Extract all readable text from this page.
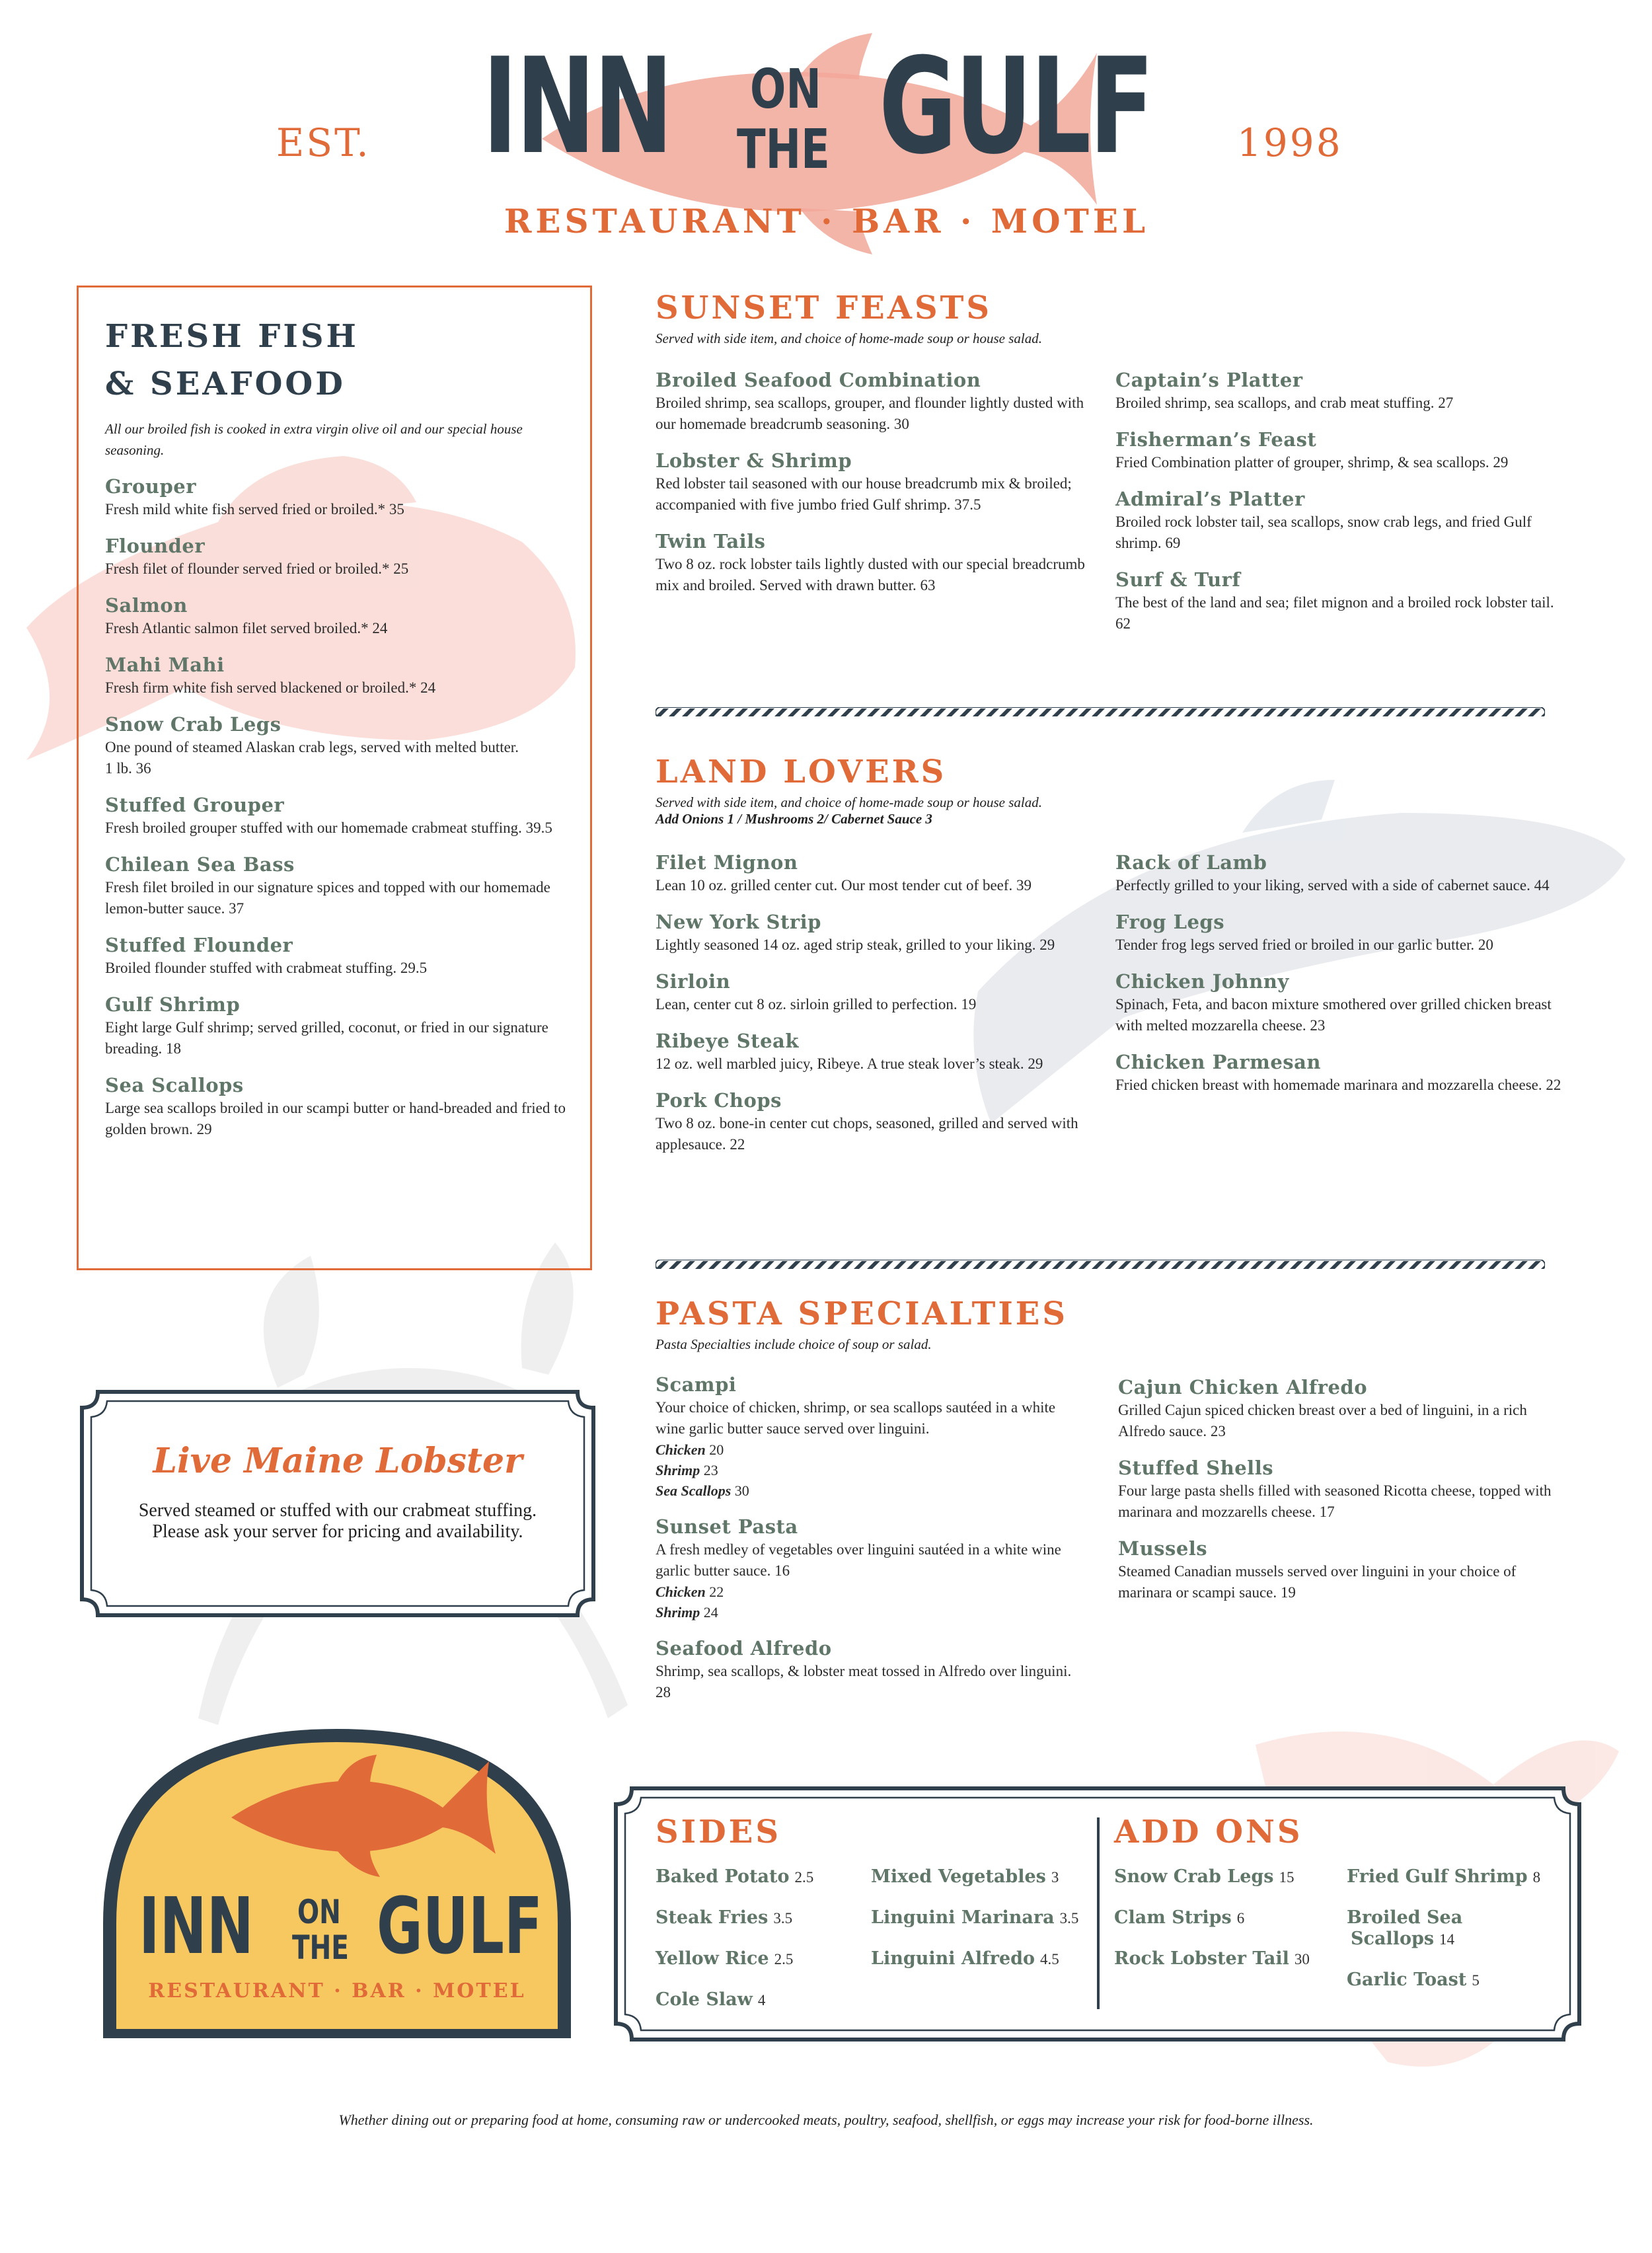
EST.	1998
INN ON
THE GULF
RESTAURANT · BAR · MOTEL
FRESH FISH
& SEAFOOD

All our broiled fish is cooked in extra virgin olive oil and our special house seasoning.

Grouper

Fresh mild white fish served fried or broiled.* 35

Flounder

Fresh filet of flounder served fried or broiled.* 25

Salmon

Fresh Atlantic salmon filet served broiled.* 24

Mahi Mahi

Fresh firm white fish served blackened or broiled.* 24

Snow Crab Legs

One pound of steamed Alaskan crab legs, served with melted butter.

1 lb. 36

Stuffed Grouper

Fresh broiled grouper stuffed with our homemade crabmeat stuffing. 39.5

Chilean Sea Bass

Fresh filet broiled in our signature spices and topped with our homemade lemon-butter sauce. 37

Stuffed Flounder

Broiled flounder stuffed with crabmeat stuffing. 29.5

Gulf Shrimp

Eight large Gulf shrimp; served grilled, coconut, or fried in our signature breading. 18

Sea Scallops

Large sea scallops broiled in our scampi butter or hand-breaded and fried to golden brown. 29

Live Maine Lobster
Served steamed or stuffed with our crabmeat stuffing. Please ask your server for pricing and availability.
INN ON
THE GULF
RESTAURANT · BAR · MOTEL

SUNSET FEASTS

Served with side item, and choice of home-made soup or house salad.

Broiled Seafood Combination

Broiled shrimp, sea scallops, grouper, and flounder lightly dusted with our homemade breadcrumb seasoning. 30

Lobster & Shrimp

Red lobster tail seasoned with our house breadcrumb mix & broiled; accompanied with five jumbo fried Gulf shrimp. 37.5

Twin Tails

Two 8 oz. rock lobster tails lightly dusted with our special breadcrumb mix and broiled. Served with drawn butter. 63

Captain’s Platter

Broiled shrimp, sea scallops, and crab meat stuffing. 27

Fisherman’s Feast

Fried Combination platter of grouper, shrimp, & sea scallops. 29

Admiral’s Platter

Broiled rock lobster tail, sea scallops, snow crab legs, and fried Gulf shrimp. 69

Surf & Turf

The best of the land and sea; filet mignon and a broiled rock lobster tail. 62

LAND LOVERS

Served with side item, and choice of home-made soup or house salad.

Add Onions 1 / Mushrooms 2/ Cabernet Sauce 3

Filet Mignon

Lean 10 oz. grilled center cut. Our most tender cut of beef. 39

New York Strip

Lightly seasoned 14 oz. aged strip steak, grilled to your liking. 29

Sirloin

Lean, center cut 8 oz. sirloin grilled to perfection. 19

Ribeye Steak

12 oz. well marbled juicy, Ribeye. A true steak lover’s steak. 29

Pork Chops

Two 8 oz. bone-in center cut chops, seasoned, grilled and served with applesauce. 22

Rack of Lamb

Perfectly grilled to your liking, served with a side of cabernet sauce. 44

Frog Legs

Tender frog legs served fried or broiled in our garlic butter. 20

Chicken Johnny

Spinach, Feta, and bacon mixture smothered over grilled chicken breast with melted mozzarella cheese. 23

Chicken Parmesan

Fried chicken breast with homemade marinara and mozzarella cheese. 22

PASTA SPECIALTIES

Pasta Specialties include choice of soup or salad.

Scampi

Your choice of chicken, shrimp, or sea scallops sautéed in a white wine garlic butter sauce served over linguini.

Chicken 20

Shrimp 23

Sea Scallops 30

Sunset Pasta

A fresh medley of vegetables over linguini sautéed in a white wine garlic butter sauce. 16

Chicken 22

Shrimp 24

Seafood Alfredo

Shrimp, sea scallops, & lobster meat tossed in Alfredo over linguini. 28

Cajun Chicken Alfredo

Grilled Cajun spiced chicken breast over a bed of linguini, in a rich Alfredo sauce. 23

Stuffed Shells

Four large pasta shells filled with seasoned Ricotta cheese, topped with marinara and mozzarells cheese. 17

Mussels

Steamed Canadian mussels served over linguini in your choice of marinara or scampi sauce. 19

SIDES	ADD ONS

Baked Potato 2.5

Steak Fries 3.5

Yellow Rice 2.5

Cole Slaw 4

Mixed Vegetables 3

Linguini Marinara 3.5

Linguini Alfredo 4.5

Snow Crab Legs 15

Clam Strips 6

Rock Lobster Tail 30

Fried Gulf Shrimp 8

Broiled Sea
Scallops 14

Garlic Toast 5

Whether dining out or preparing food at home, consuming raw or undercooked meats, poultry, seafood, shellfish, or eggs may increase your risk for food-borne illness.
